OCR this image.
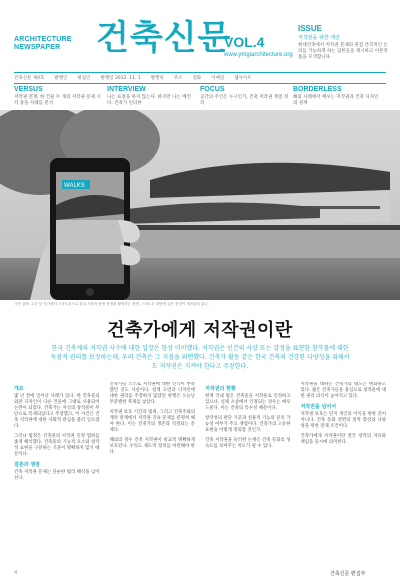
ARCHITECTURE
NEWSPAPER	건축신문
VOL.4
www.ymgiarchitecture.org
ISSUE
저작권을 위한 제언
현대건축에서 저작권 문제의 관점 본격적인 논의를 가능하게 하는 담론들을 제시하고 이론적 틀을 모색합니다.
건축신문 제4호 발행인 편집인 발행일 2012. 11. 1 발행처 주소 전화 이메일 웹사이트
VERSUS
저작권 전쟁, 한 건물 두 개의 저작권 문제 시각 충돌 사례를 분석
INTERVIEW
나는 표절을 하지 않는다. 하지만 나는 베낀다. 건축가 인터뷰
FOCUS
공간의 주인은 누구인가, 건축 저작권 쟁점 정리
BORDERLESS
해외 사례에서 배우는 저작권과 건축 디자인의 경계
WALKS
사진 설명: 고궁 앞 공간에서 스마트폰으로 한옥 지붕과 담장 풍경을 촬영하는 장면. 스마트폰 화면에 같은 풍경이 재현되어 있다.
건축가에게 저작권이란
한국 건축계의 저작권 사수에 대한 입장은 항상 미미했다. 저작권은 인간의 사상 또는 감정을 표현한 창작물에 대한 독점적 권리를 보장하는데, 우리 건축은 그 지점을 외면했다. 건축가 활동 같은 한국 건축의 건강한 다양성을 위해서도 저작권은 지켜야 한다고 주장한다.
개요

몇 년 전에 일어난 사례가 있다. 한 건축물의 외관 디자인이 다른 건물에 그대로 사용되어 논란이 되었다. 건축가는 자신의 창작물이 무단으로 복제되었다고 주장했고, 이 사건은 건축 저작권에 대한 사회적 관심을 불러 일으켰다.

그러나 법정은 건축물의 저작권 인정 범위를 좁게 해석했다. 건축물의 기능적 요소와 창작적 표현을 구분하는 기준이 명확하지 않기 때문이다.

결론과 쟁점

건축 저작권 문제는 단순한 법리 해석을 넘어선다.

건축가들 스스로 저작권에 대한 인식이 부족했던 것도 사실이다. 설계 도면과 디자인에 대한 권리를 주장하지 않았던 관행은 오늘날 무분별한 복제를 낳았다.

저작권 보호 기간과 범위, 그리고 건축주와의 계약 관계에서 저작권 귀속 문제를 분명히 해야 한다. 이는 건축가의 생존과 직결되는 문제다.

해외의 경우 건축 저작권이 비교적 명확하게 보호된다. 우리도 제도적 장치를 마련해야 한다.

저작권의 현황

현재 국내 법은 건축물을 저작물로 인정하고 있으나, 실제 소송에서 인정되는 경우는 매우 드물다. 이는 건축의 특수성 때문이다.

창작성의 판단 기준과 실용적 기능의 분리 가능성 여부가 주요 쟁점이다. 건축가의 고유한 표현을 어떻게 정의할 것인가.

건축 저작권을 둘러싼 논쟁은 건축 문화의 성숙도를 보여주는 척도가 될 수 있다.

저작권을 대하는 건축가의 태도는 변화하고 있다. 젊은 건축가들을 중심으로 창작물에 대한 권리 의식이 높아지고 있다.

저작권을 넘어서

저작권 보호는 단지 개인의 이익을 위한 것이 아니다. 건축 문화 전반의 질적 향상과 다양성을 위한 전제 조건이다.

건축가에게 저작권이란 결국 창작의 자유와 책임을 동시에 의미한다.

4	건축신문 편집부
